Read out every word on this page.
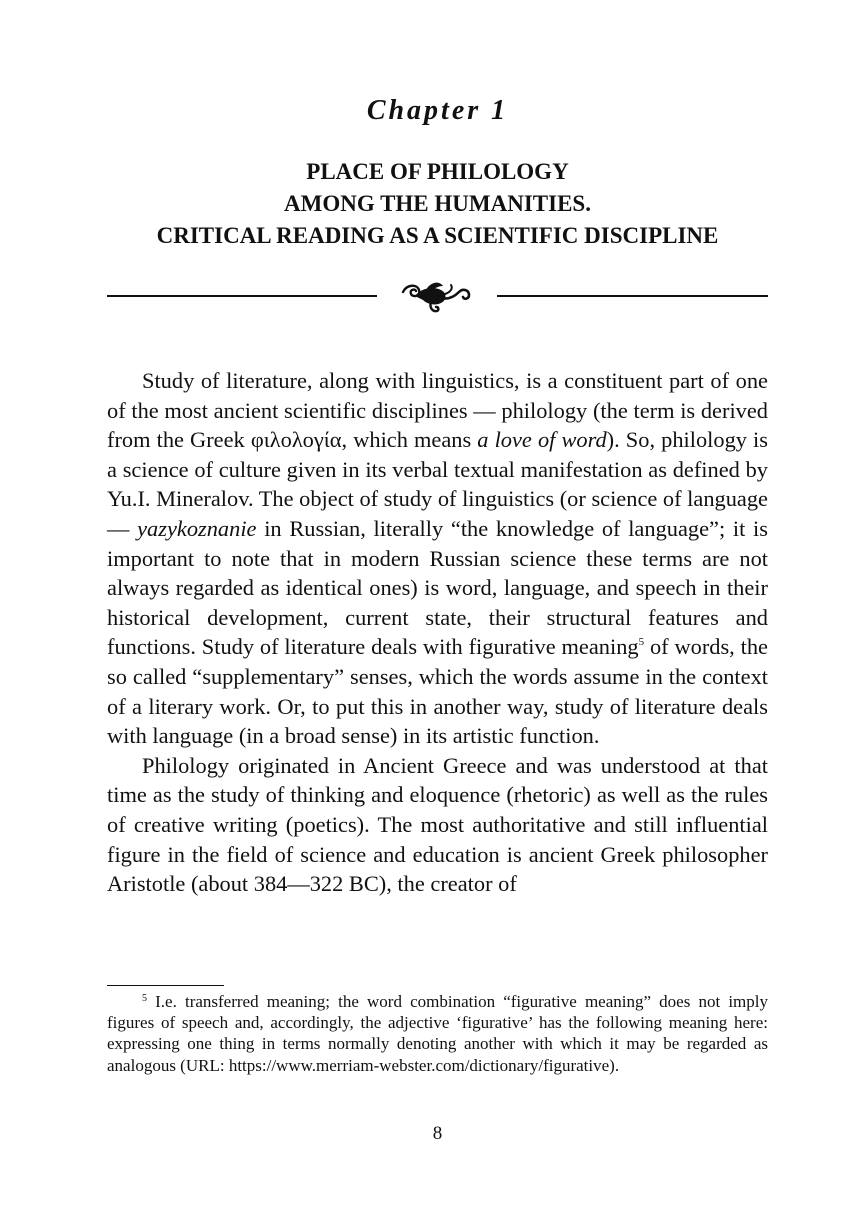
Chapter 1
PLACE OF PHILOLOGY
AMONG THE HUMANITIES.
CRITICAL READING AS A SCIENTIFIC DISCIPLINE

Study of literature, along with linguistics, is a constituent part of one of the most ancient scientific disciplines — philology (the term is derived from the Greek φιλολογία, which means a love of word). So, philology is a science of culture given in its verbal textual manifestation as defined by Yu.I. Mineralov. The object of study of linguistics (or science of language — yazykoznanie in Russian, literally “the knowledge of language”; it is important to note that in modern Russian science these terms are not always regarded as identical ones) is word, language, and speech in their historical development, current state, their structural features and functions. Study of literature deals with figurative meaning$^5$ of words, the so called “supplementary” senses, which the words assume in the context of a literary work. Or, to put this in another way, study of literature deals with language (in a broad sense) in its artistic function.

Philology originated in Ancient Greece and was understood at that time as the study of thinking and eloquence (rhetoric) as well as the rules of creative writing (poetics). The most authoritative and still influential figure in the field of science and education is ancient Greek philosopher Aristotle (about 384—322 BC), the creator of

$^5$ I.e. transferred meaning; the word combination “figurative meaning” does not imply figures of speech and, accordingly, the adjective ‘figurative’ has the following meaning here: expressing one thing in terms normally denoting another with which it may be regarded as analogous (URL: https://www.merriam-webster.com/dictionary/figurative).

8
